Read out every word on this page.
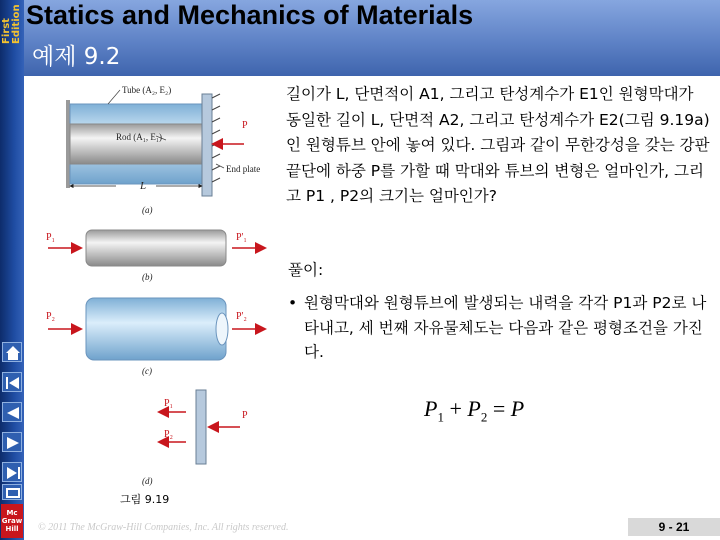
First Edition
Mc
Graw
Hill
Statics and Mechanics of Materials
예제 9.2
P
Tube (A₂, E₂)
Rod (A₁, E₁)
End plate
L
(a)
P₁	P'₁
(b)
P₂	P'₂
(c)
P₁
P₂
P
(d)
그림 9.19
길이가 L, 단면적이 A1, 그리고 탄성계수가 E1인 원형막대가 동일한 길이 L, 단면적 A2, 그리고 탄성계수가 E2(그림 9.19a)인 원형튜브 안에 놓여 있다. 그림과 같이 무한강성을 갖는 강판 끝단에 하중 P를 가할 때 막대와 튜브의 변형은 얼마인가, 그리고 P1 , P2의 크기는 얼마인가?
풀이:
• 원형막대와 원형튜브에 발생되는 내력을 각각 P1과 P2로 나타내고, 세 번째 자유물체도는 다음과 같은 평형조건을 가진다.
$P_1 + P_2 = P$
© 2011 The McGraw-Hill Companies, Inc. All rights reserved.	9 - 21
